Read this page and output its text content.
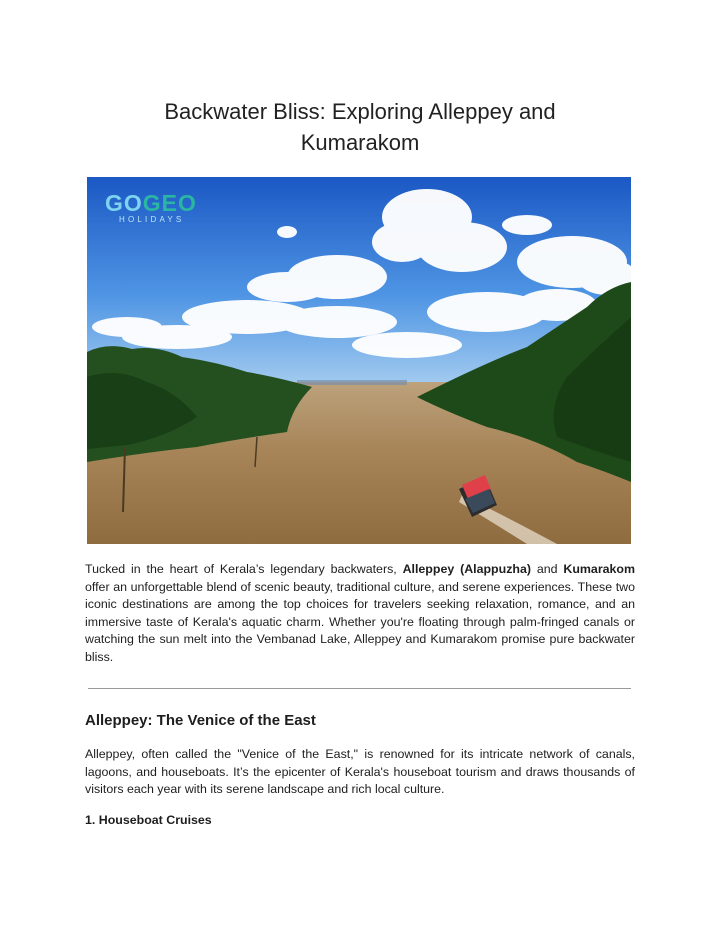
Backwater Bliss: Exploring Alleppey and
Kumarakom
GOGEO
HOLIDAYS

Tucked in the heart of Kerala’s legendary backwaters, Alleppey (Alappuzha) and Kumarakom offer an unforgettable blend of scenic beauty, traditional culture, and serene experiences. These two iconic destinations are among the top choices for travelers seeking relaxation, romance, and an immersive taste of Kerala's aquatic charm. Whether you're floating through palm-fringed canals or watching the sun melt into the Vembanad Lake, Alleppey and Kumarakom promise pure backwater bliss.

Alleppey: The Venice of the East

Alleppey, often called the "Venice of the East," is renowned for its intricate network of canals, lagoons, and houseboats. It’s the epicenter of Kerala's houseboat tourism and draws thousands of visitors each year with its serene landscape and rich local culture.

1. Houseboat Cruises
